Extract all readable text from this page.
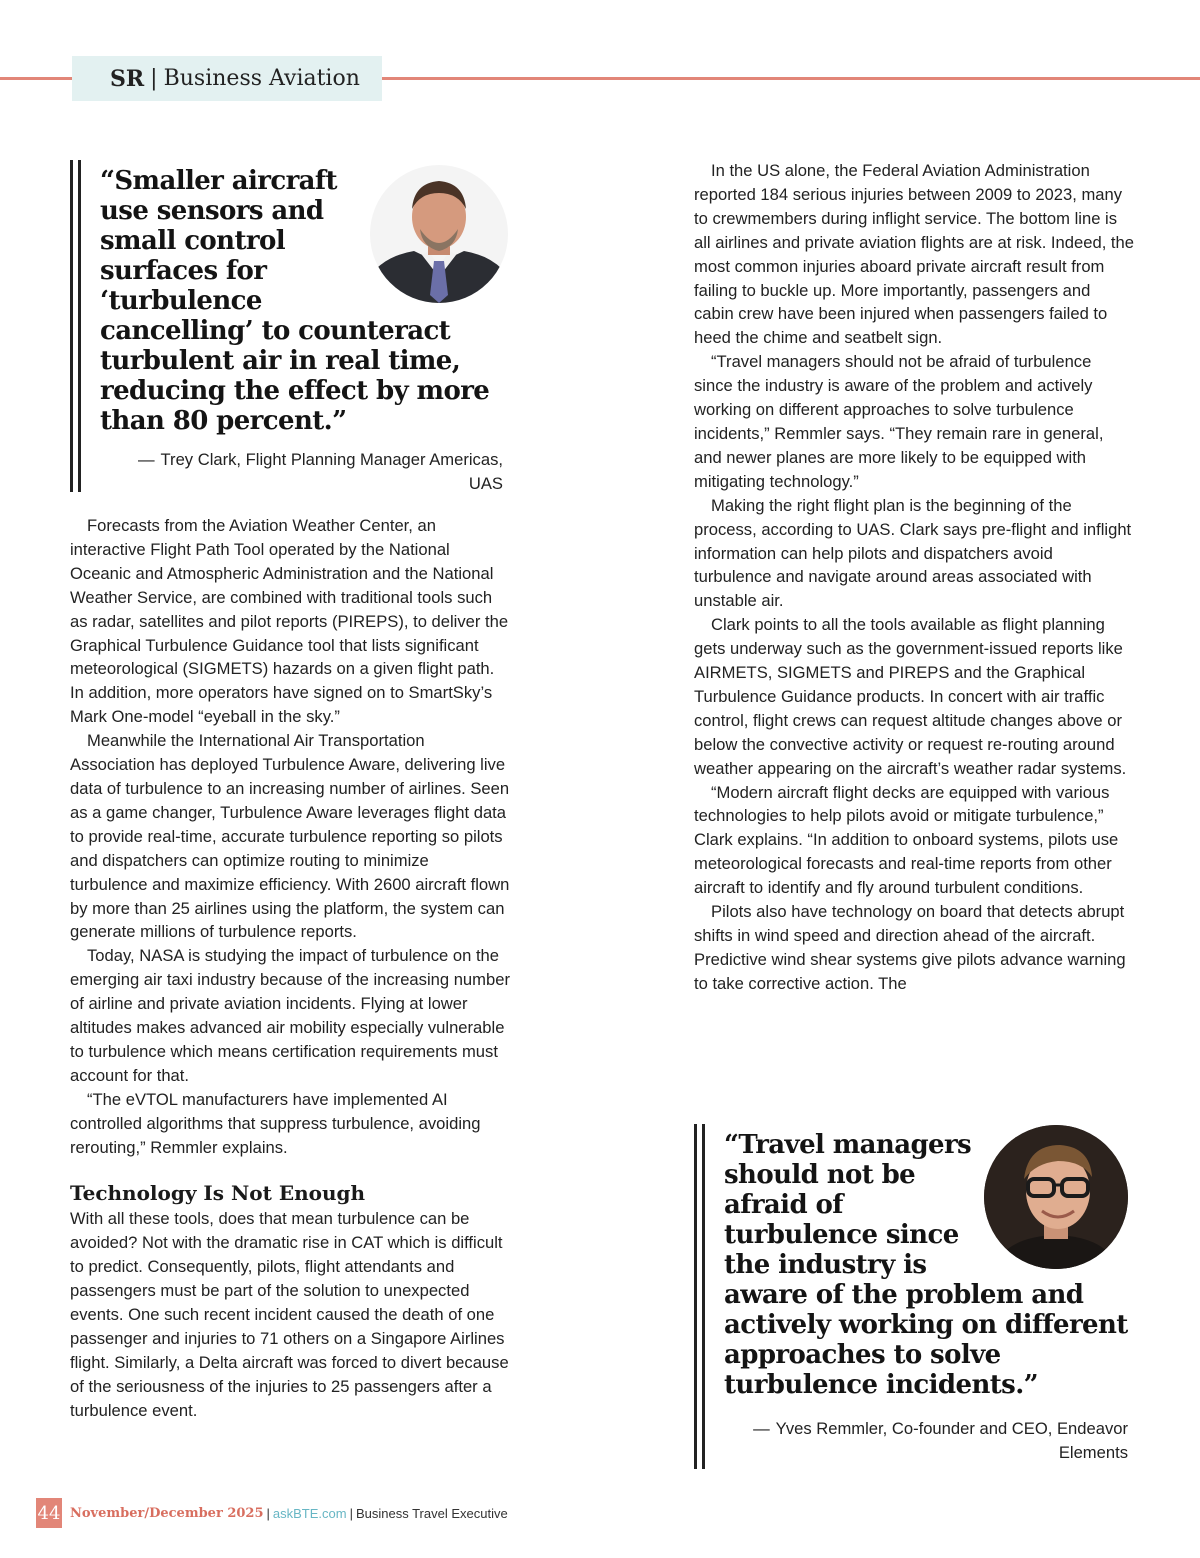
SR | Business Aviation
“Smaller aircraft use sensors and small control surfaces for ‘turbulence cancelling’ to counteract turbulent air in real time, reducing the effect by more than 80 percent.”
— Trey Clark, Flight Planning Manager Americas, UAS

Forecasts from the Aviation Weather Center, an interactive Flight Path Tool operated by the National Oceanic and Atmospheric Administration and the National Weather Service, are combined with traditional tools such as radar, satellites and pilot reports (PIREPS), to deliver the Graphical Turbulence Guidance tool that lists significant meteorological (SIGMETS) hazards on a given flight path. In addition, more operators have signed on to SmartSky’s Mark One-model “eyeball in the sky.”

Meanwhile the International Air Transportation Association has deployed Turbulence Aware, delivering live data of turbulence to an increasing number of airlines. Seen as a game changer, Turbulence Aware leverages flight data to provide real-time, accurate turbulence reporting so pilots and dispatchers can optimize routing to minimize turbulence and maximize efficiency. With 2600 aircraft flown by more than 25 airlines using the platform, the system can generate millions of turbulence reports.

Today, NASA is studying the impact of turbulence on the emerging air taxi industry because of the increasing number of airline and private aviation incidents. Flying at lower altitudes makes advanced air mobility especially vulnerable to turbulence which means certification requirements must account for that.

“The eVTOL manufacturers have implemented AI controlled algorithms that suppress turbulence, avoiding rerouting,” Remmler explains.

Technology Is Not Enough

With all these tools, does that mean turbulence can be avoided? Not with the dramatic rise in CAT which is difficult to predict. Consequently, pilots, flight attendants and passengers must be part of the solution to unexpected events. One such recent incident caused the death of one passenger and injuries to 71 others on a Singapore Airlines flight. Similarly, a Delta aircraft was forced to divert because of the seriousness of the injuries to 25 passengers after a turbulence event.

In the US alone, the Federal Aviation Administration reported 184 serious injuries between 2009 to 2023, many to crewmembers during inflight service. The bottom line is all airlines and private aviation flights are at risk. Indeed, the most common injuries aboard private aircraft result from failing to buckle up. More importantly, passengers and cabin crew have been injured when passengers failed to heed the chime and seatbelt sign.

“Travel managers should not be afraid of turbulence since the industry is aware of the problem and actively working on different approaches to solve turbulence incidents,” Remmler says. “They remain rare in general, and newer planes are more likely to be equipped with mitigating technology.”

Making the right flight plan is the beginning of the process, according to UAS. Clark says pre-flight and inflight information can help pilots and dispatchers avoid turbulence and navigate around areas associated with unstable air.

Clark points to all the tools available as flight planning gets underway such as the government-issued reports like AIRMETS, SIGMETS and PIREPS and the Graphical Turbulence Guidance products. In concert with air traffic control, flight crews can request altitude changes above or below the convective activity or request re-routing around weather appearing on the aircraft’s weather radar systems.

“Modern aircraft flight decks are equipped with various technologies to help pilots avoid or mitigate turbulence,” Clark explains. “In addition to onboard systems, pilots use meteorological forecasts and real-time reports from other aircraft to identify and fly around turbulent conditions.

Pilots also have technology on board that detects abrupt shifts in wind speed and direction ahead of the aircraft. Predictive wind shear systems give pilots advance warning to take corrective action. The

“Travel managers should not be afraid of turbulence since the industry is aware of the problem and actively working on different approaches to solve turbulence incidents.”
— Yves Remmler, Co-founder and CEO, Endeavor Elements
44 November/December 2025 | askBTE.com | Business Travel Executive
